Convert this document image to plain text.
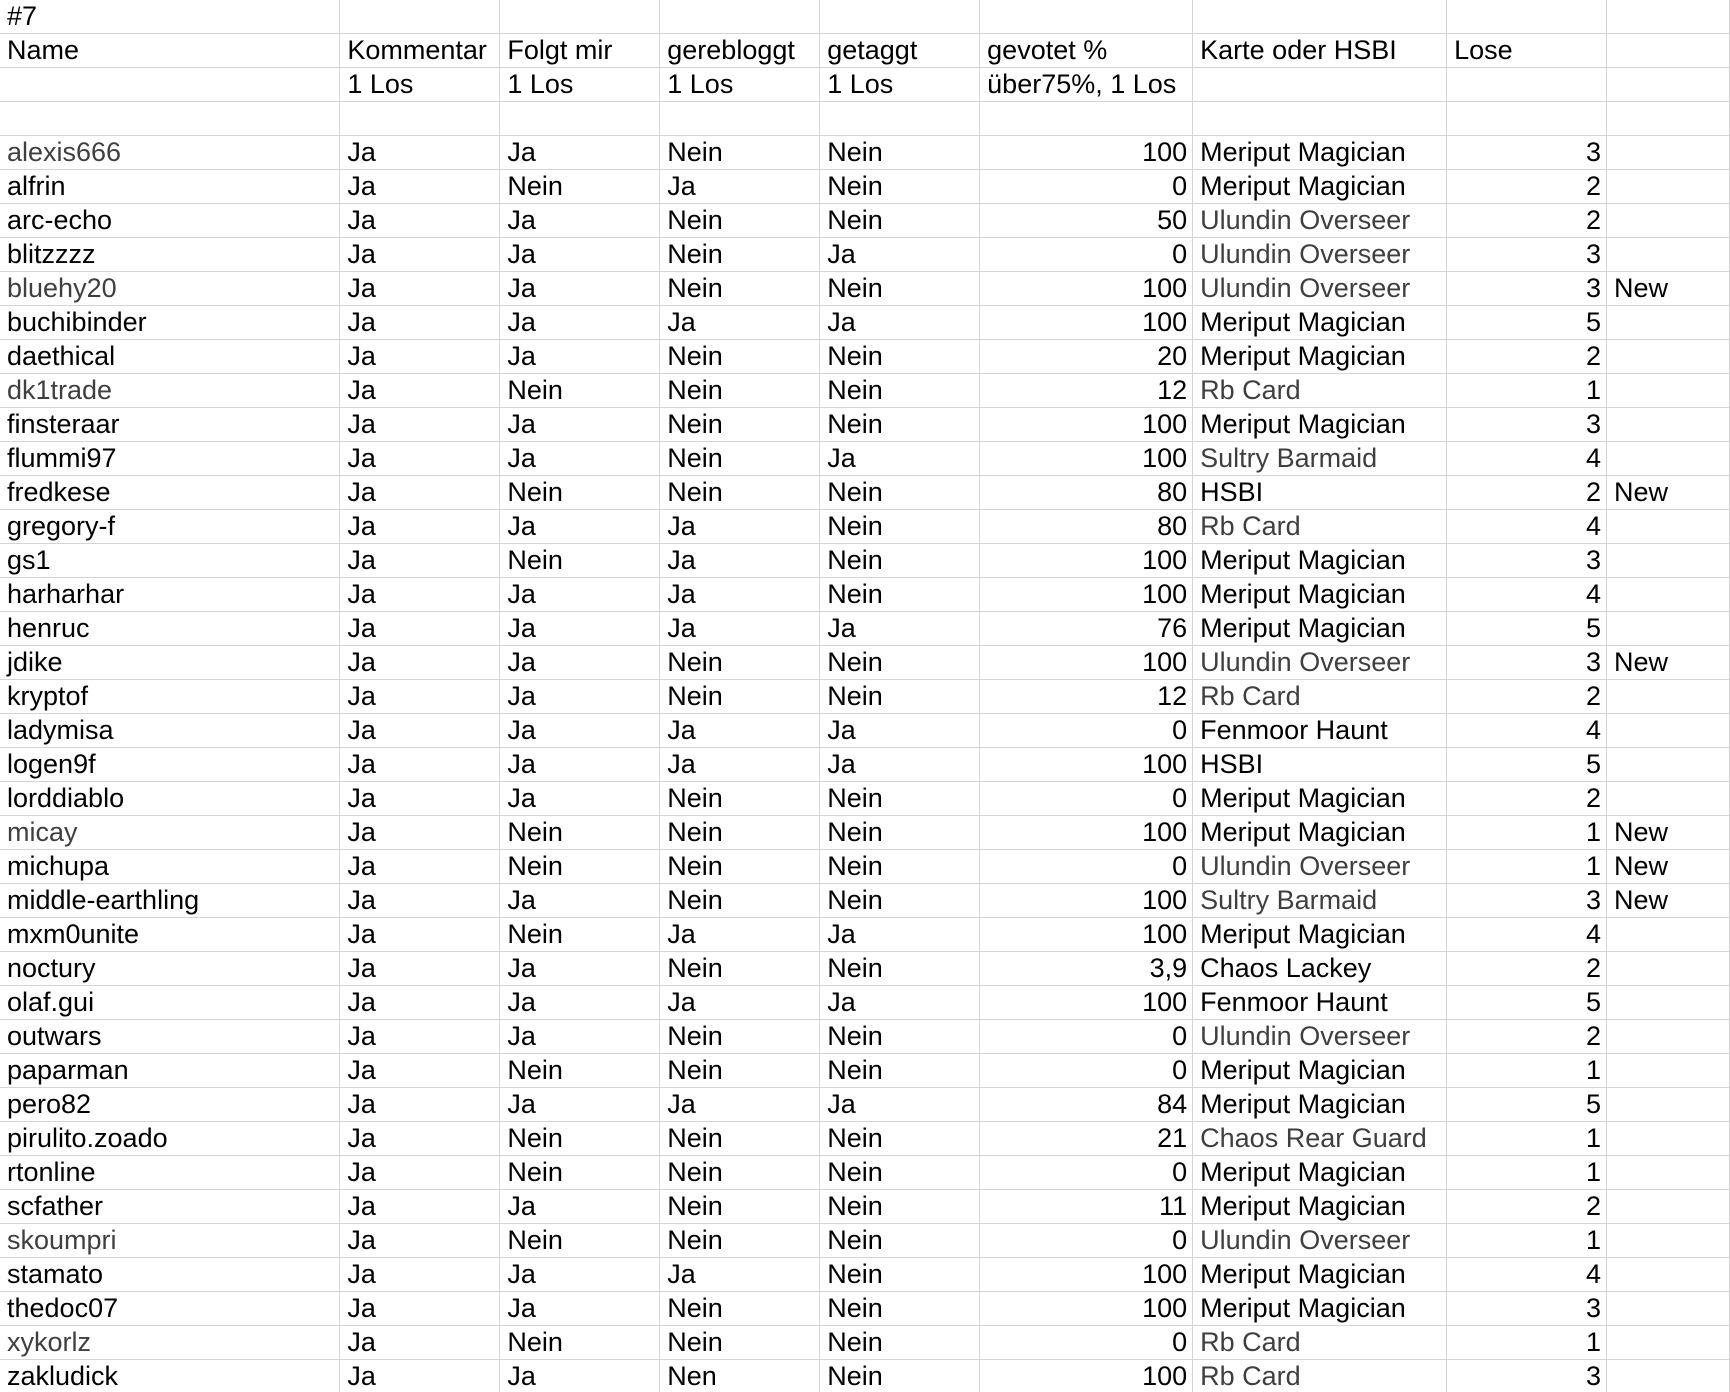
#7								
Name	Kommentar	Folgt mir	gerebloggt	getaggt	gevotet %	Karte oder HSBI	Lose	
	1 Los	1 Los	1 Los	1 Los	über75%, 1 Los			

alexis666	Ja	Ja	Nein	Nein	100	Meriput Magician	3	
alfrin	Ja	Nein	Ja	Nein	0	Meriput Magician	2	
arc-echo	Ja	Ja	Nein	Nein	50	Ulundin Overseer	2	
blitzzzz	Ja	Ja	Nein	Ja	0	Ulundin Overseer	3	
bluehy20	Ja	Ja	Nein	Nein	100	Ulundin Overseer	3	New
buchibinder	Ja	Ja	Ja	Ja	100	Meriput Magician	5	
daethical	Ja	Ja	Nein	Nein	20	Meriput Magician	2	
dk1trade	Ja	Nein	Nein	Nein	12	Rb Card	1	
finsteraar	Ja	Ja	Nein	Nein	100	Meriput Magician	3	
flummi97	Ja	Ja	Nein	Ja	100	Sultry Barmaid	4	
fredkese	Ja	Nein	Nein	Nein	80	HSBI	2	New
gregory-f	Ja	Ja	Ja	Nein	80	Rb Card	4	
gs1	Ja	Nein	Ja	Nein	100	Meriput Magician	3	
harharhar	Ja	Ja	Ja	Nein	100	Meriput Magician	4	
henruc	Ja	Ja	Ja	Ja	76	Meriput Magician	5	
jdike	Ja	Ja	Nein	Nein	100	Ulundin Overseer	3	New
kryptof	Ja	Ja	Nein	Nein	12	Rb Card	2	
ladymisa	Ja	Ja	Ja	Ja	0	Fenmoor Haunt	4	
logen9f	Ja	Ja	Ja	Ja	100	HSBI	5	
lorddiablo	Ja	Ja	Nein	Nein	0	Meriput Magician	2	
micay	Ja	Nein	Nein	Nein	100	Meriput Magician	1	New
michupa	Ja	Nein	Nein	Nein	0	Ulundin Overseer	1	New
middle-earthling	Ja	Ja	Nein	Nein	100	Sultry Barmaid	3	New
mxm0unite	Ja	Nein	Ja	Ja	100	Meriput Magician	4	
noctury	Ja	Ja	Nein	Nein	3,9	Chaos Lackey	2	
olaf.gui	Ja	Ja	Ja	Ja	100	Fenmoor Haunt	5	
outwars	Ja	Ja	Nein	Nein	0	Ulundin Overseer	2	
paparman	Ja	Nein	Nein	Nein	0	Meriput Magician	1	
pero82	Ja	Ja	Ja	Ja	84	Meriput Magician	5	
pirulito.zoado	Ja	Nein	Nein	Nein	21	Chaos Rear Guard	1	
rtonline	Ja	Nein	Nein	Nein	0	Meriput Magician	1	
scfather	Ja	Ja	Nein	Nein	11	Meriput Magician	2	
skoumpri	Ja	Nein	Nein	Nein	0	Ulundin Overseer	1	
stamato	Ja	Ja	Ja	Nein	100	Meriput Magician	4	
thedoc07	Ja	Ja	Nein	Nein	100	Meriput Magician	3	
xykorlz	Ja	Nein	Nein	Nein	0	Rb Card	1	
zakludick	Ja	Ja	Nen	Nein	100	Rb Card	3	
